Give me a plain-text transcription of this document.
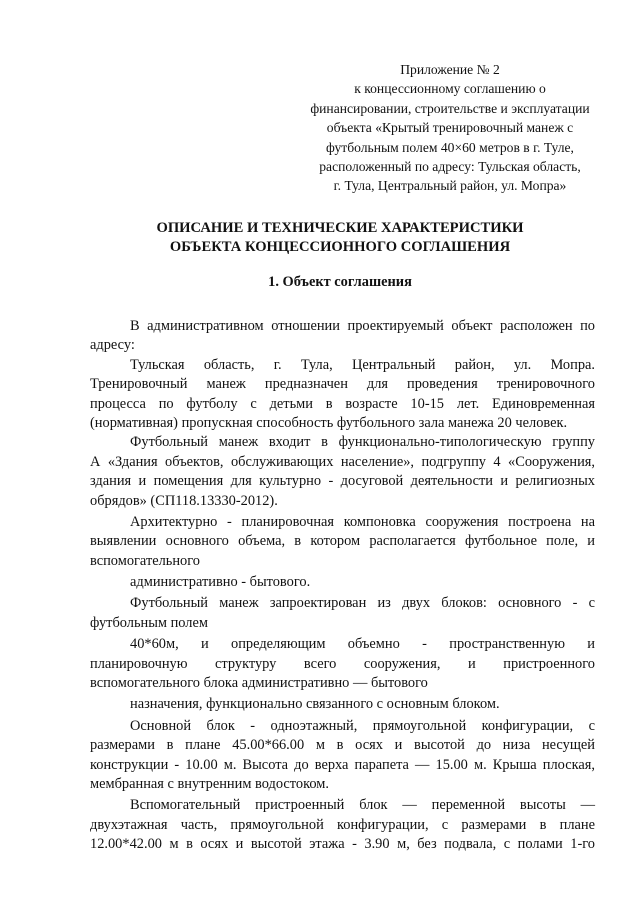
Приложение № 2
к концессионному соглашению о
финансировании, строительстве и эксплуатации
объекта «Крытый тренировочный манеж с
футбольным полем 40×60 метров в г. Туле,
расположенный по адресу: Тульская область,
г. Тула, Центральный район, ул. Мопра»
ОПИСАНИЕ И ТЕХНИЧЕСКИЕ ХАРАКТЕРИСТИКИ
ОБЪЕКТА КОНЦЕССИОННОГО СОГЛАШЕНИЯ
1. Объект соглашения
В административном отношении проектируемый объект расположен по
адресу:
Тульская область, г. Тула, Центральный район, ул. Мопра.
Тренировочный манеж предназначен для проведения тренировочного
процесса по футболу с детьми в возрасте 10-15 лет. Единовременная
(нормативная) пропускная способность футбольного зала манежа 20 человек.
Футбольный манеж входит в функционально-типологическую группу
А «Здания объектов, обслуживающих население», подгруппу 4 «Сооружения,
здания и помещения для культурно - досуговой деятельности и религиозных
обрядов» (СП118.13330-2012).
Архитектурно - планировочная компоновка сооружения построена на
выявлении основного объема, в котором располагается футбольное поле, и
вспомогательного
административно - бытового.
Футбольный манеж запроектирован из двух блоков: основного - с
футбольным полем
40*60м, и определяющим объемно - пространственную и
планировочную структуру всего сооружения, и пристроенного
вспомогательного блока административно — бытового
назначения, функционально связанного с основным блоком.
Основной блок - одноэтажный, прямоугольной конфигурации, с
размерами в плане 45.00*66.00 м в осях и высотой до низа несущей
конструкции - 10.00 м. Высота до верха парапета — 15.00 м. Крыша плоская,
мембранная с внутренним водостоком.
Вспомогательный пристроенный блок — переменной высоты —
двухэтажная часть, прямоугольной конфигурации, с размерами в плане
12.00*42.00 м в осях и высотой этажа - 3.90 м, без подвала, с полами 1-го
